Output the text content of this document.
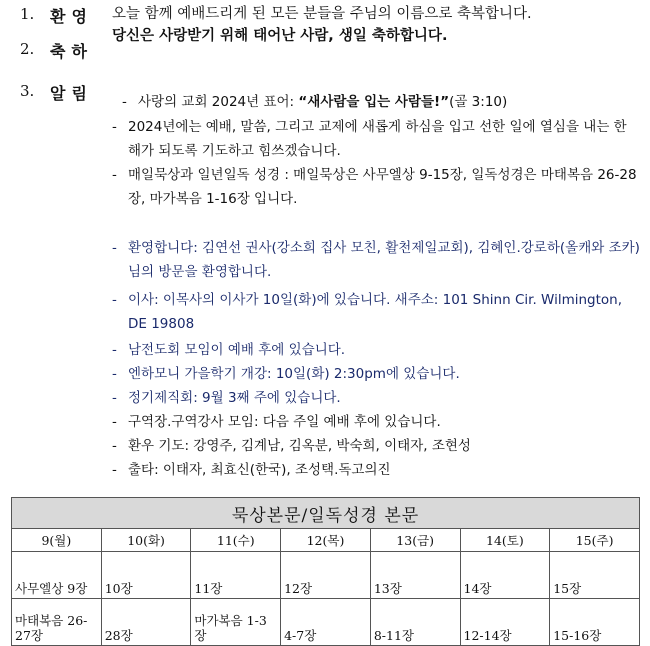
1. 환영
2. 축하
3. 알림
오늘 함께 예배드리게 된 모든 분들을 주님의 이름으로 축복합니다.
당신은 사랑받기 위해 태어난 사람, 생일 축하합니다.
- 사랑의 교회 2024년 표어: “새사람을 입는 사람들!”(골 3:10)
- 2024년에는 예배, 말씀, 그리고 교제에 새롭게 하심을 입고 선한 일에 열심을 내는 한 해가 되도록 기도하고 힘쓰겠습니다.
- 매일묵상과 일년일독 성경 : 매일묵상은 사무엘상 9-15장, 일독성경은 마태복음 26-28장, 마가복음 1-16장 입니다.
- 환영합니다: 김연선 권사(강소희 집사 모친, 활천제일교회), 김혜인.강로하(올캐와 조카) 님의 방문을 환영합니다.
- 이사: 이목사의 이사가 10일(화)에 있습니다. 새주소: 101 Shinn Cir. Wilmington, DE 19808
- 남전도회 모임이 예배 후에 있습니다.
- 엔하모니 가을학기 개강: 10일(화) 2:30pm에 있습니다.
- 정기제직회: 9월 3째 주에 있습니다.
- 구역장.구역강사 모임: 다음 주일 예배 후에 있습니다.
- 환우 기도: 강영주, 김계남, 김옥분, 박숙희, 이태자, 조현성
- 출타: 이태자, 최효신(한국), 조성택.독고의진
묵상본문/일독성경 본문						
9(월)	10(화)	11(수)	12(목)	13(금)	14(토)	15(주)
사무엘상 9장	10장	11장	12장	13장	14장	15장
마태복음 26-27장	28장	마가복음 1-3장	4-7장	8-11장	12-14장	15-16장
